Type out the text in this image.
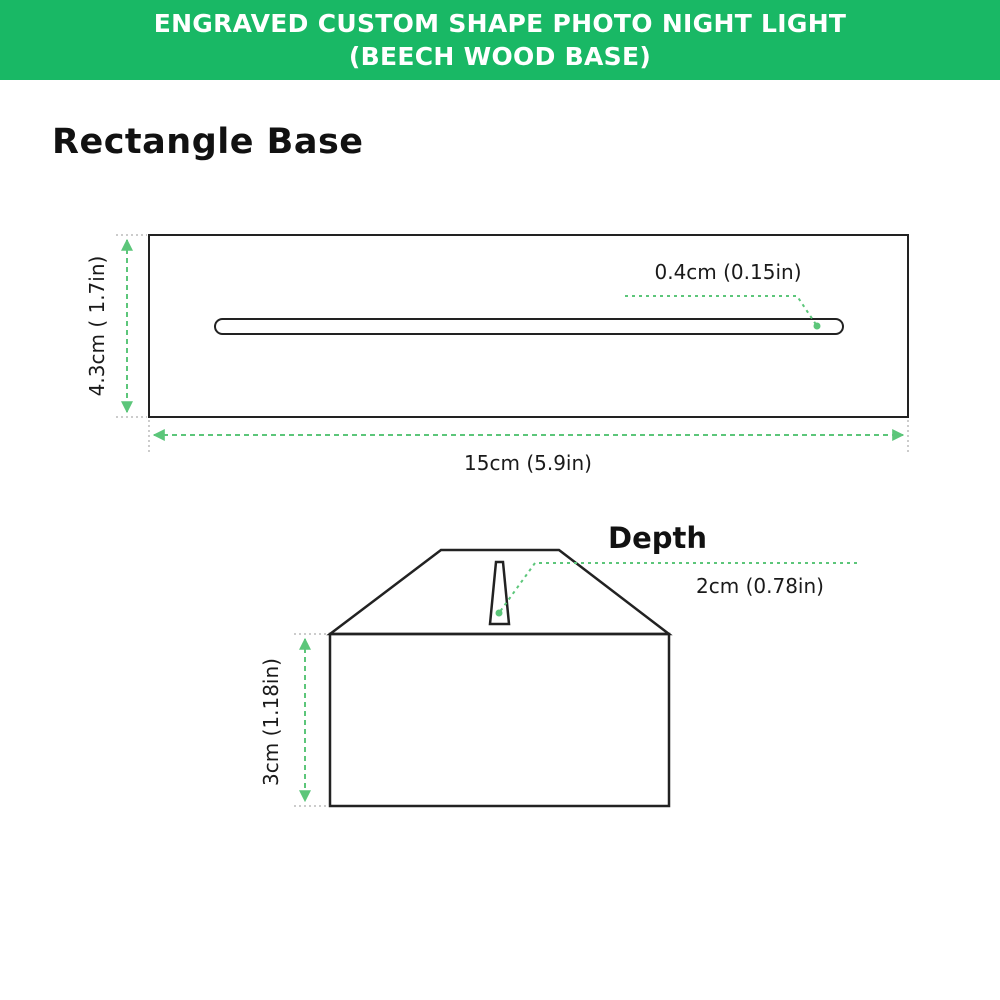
ENGRAVED CUSTOM SHAPE PHOTO NIGHT LIGHT
(BEECH WOOD BASE)
Rectangle Base
4.3cm ( 1.7in)
15cm (5.9in)
0.4cm (0.15in)
Depth
2cm (0.78in)
3cm (1.18in)
